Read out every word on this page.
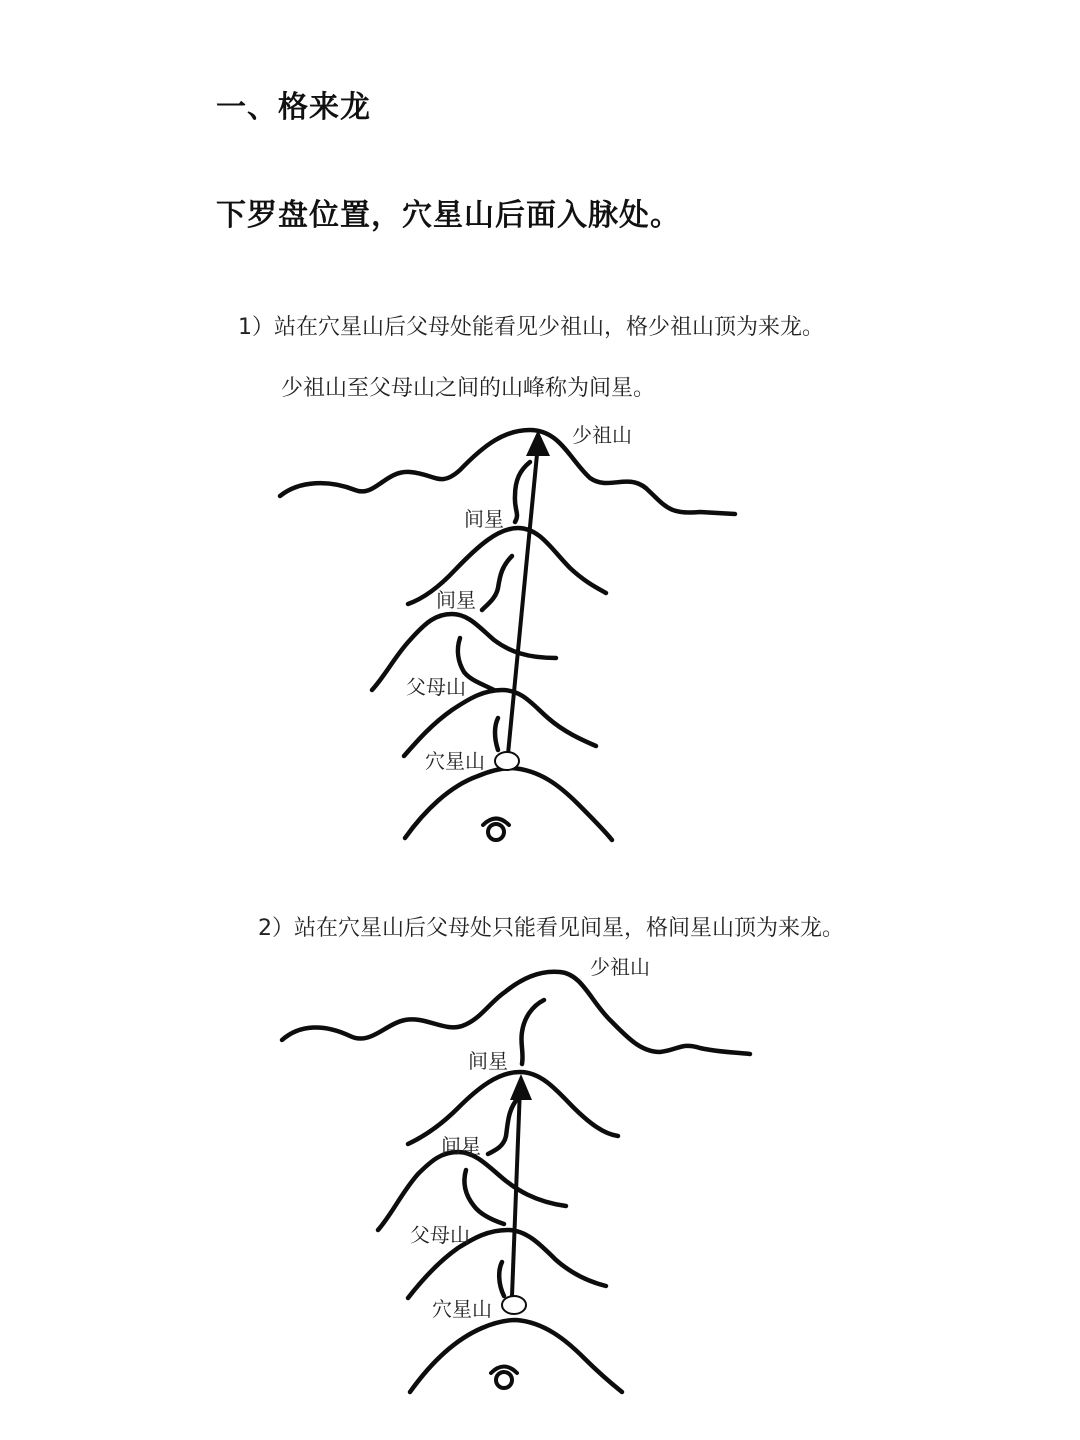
一、格来龙
下罗盘位置，穴星山后面入脉处。
1）站在穴星山后父母处能看见少祖山，格少祖山顶为来龙。
少祖山至父母山之间的山峰称为间星。
少祖山
间星
间星
父母山
穴星山
2）站在穴星山后父母处只能看见间星，格间星山顶为来龙。
少祖山
间星
间星
父母山
穴星山
